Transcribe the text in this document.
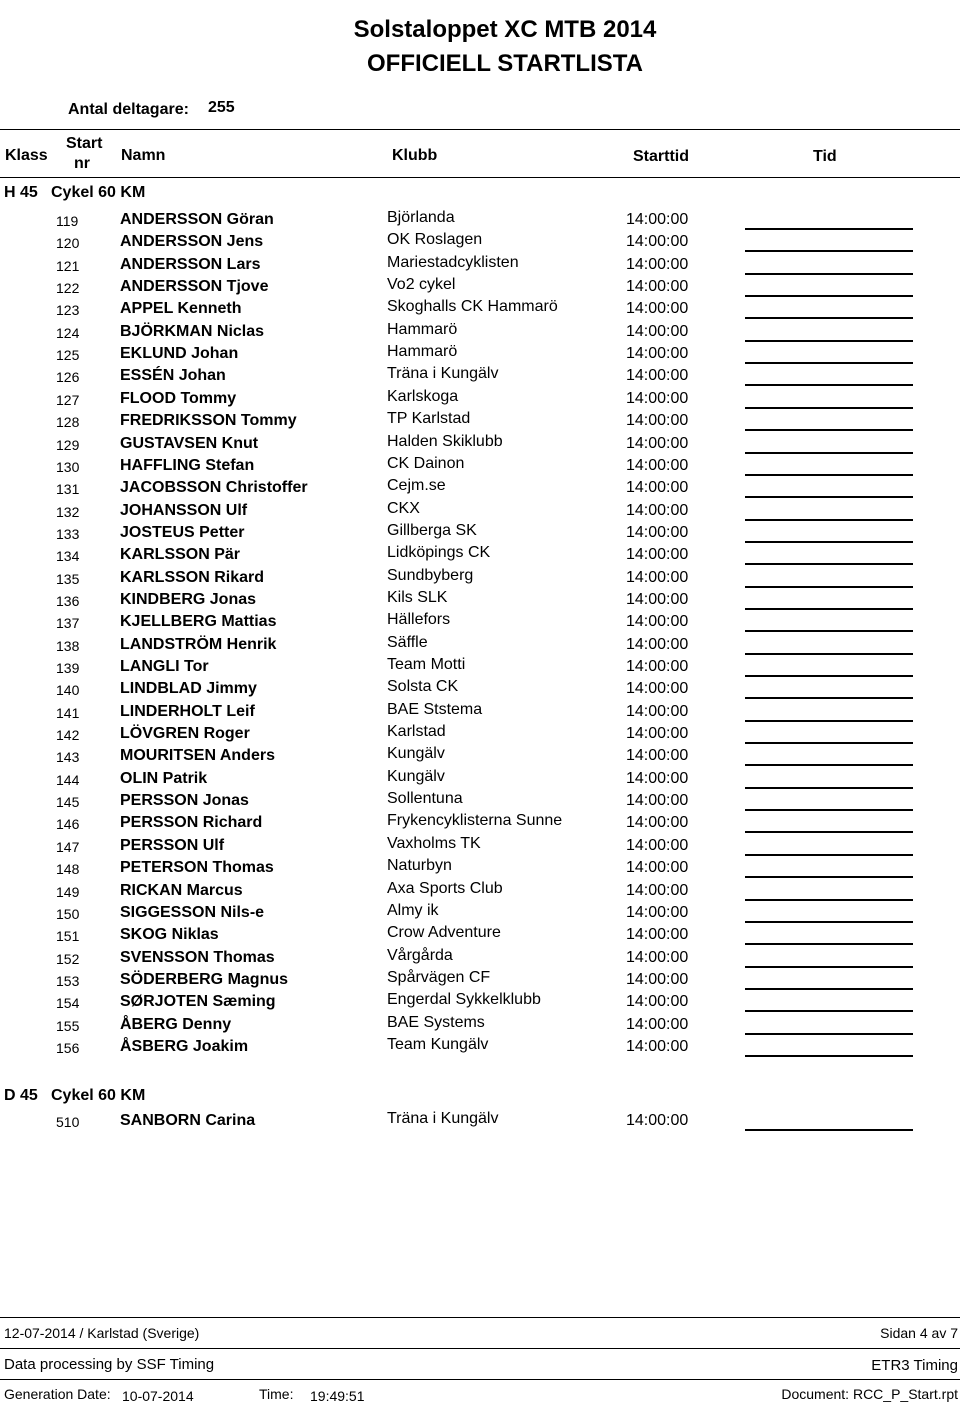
Solstaloppet XC MTB 2014
OFFICIELL STARTLISTA
Antal deltagare: 255
Klass
Start
nr Namn	Klubb	Starttid	Tid
H 45 Cykel 60 KM
119	ANDERSSON Göran	Björlanda	14:00:00
120	ANDERSSON Jens	OK Roslagen	14:00:00
121	ANDERSSON Lars	Mariestadcyklisten	14:00:00
122	ANDERSSON Tjove	Vo2 cykel	14:00:00
123	APPEL Kenneth	Skoghalls CK Hammarö	14:00:00
124	BJÖRKMAN Niclas	Hammarö	14:00:00
125	EKLUND Johan	Hammarö	14:00:00
126	ESSÉN Johan	Träna i Kungälv	14:00:00
127	FLOOD Tommy	Karlskoga	14:00:00
128	FREDRIKSSON Tommy	TP Karlstad	14:00:00
129	GUSTAVSEN Knut	Halden Skiklubb	14:00:00
130	HAFFLING Stefan	CK Dainon	14:00:00
131	JACOBSSON Christoffer	Cejm.se	14:00:00
132	JOHANSSON Ulf	CKX	14:00:00
133	JOSTEUS Petter	Gillberga SK	14:00:00
134	KARLSSON Pär	Lidköpings CK	14:00:00
135	KARLSSON Rikard	Sundbyberg	14:00:00
136	KINDBERG Jonas	Kils SLK	14:00:00
137	KJELLBERG Mattias	Hällefors	14:00:00
138	LANDSTRÖM Henrik	Säffle	14:00:00
139	LANGLI Tor	Team Motti	14:00:00
140	LINDBLAD Jimmy	Solsta CK	14:00:00
141	LINDERHOLT Leif	BAE Ststema	14:00:00
142	LÖVGREN Roger	Karlstad	14:00:00
143	MOURITSEN Anders	Kungälv	14:00:00
144	OLIN Patrik	Kungälv	14:00:00
145	PERSSON Jonas	Sollentuna	14:00:00
146	PERSSON Richard	Frykencyklisterna Sunne	14:00:00
147	PERSSON Ulf	Vaxholms TK	14:00:00
148	PETERSON Thomas	Naturbyn	14:00:00
149	RICKAN Marcus	Axa Sports Club	14:00:00
150	SIGGESSON Nils-e	Almy ik	14:00:00
151	SKOG Niklas	Crow Adventure	14:00:00
152	SVENSSON Thomas	Vårgårda	14:00:00
153	SÖDERBERG Magnus	Spårvägen CF	14:00:00
154	SØRJOTEN Sæming	Engerdal Sykkelklubb	14:00:00
155	ÅBERG Denny	BAE Systems	14:00:00
156	ÅSBERG Joakim	Team Kungälv	14:00:00
D 45 Cykel 60 KM
510	SANBORN Carina	Träna i Kungälv	14:00:00
12-07-2014 / Karlstad (Sverige)	Sidan 4 av 7
Data processing by SSF Timing	ETR3 Timing
Generation Date: 10-07-2014	Time: 19:49:51	Document: RCC_P_Start.rpt
